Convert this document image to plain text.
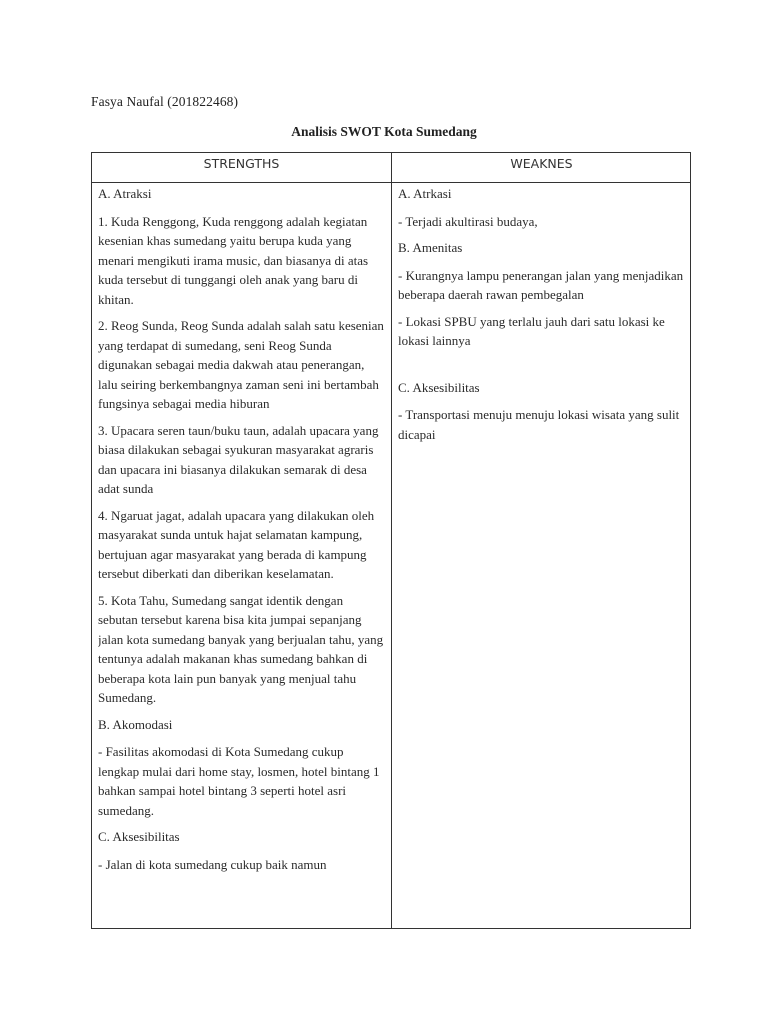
Fasya Naufal (201822468)
Analisis SWOT Kota Sumedang
STRENGTHS	WEAKNES

A. Atraksi

1. Kuda Renggong, Kuda renggong adalah kegiatan kesenian khas sumedang yaitu berupa kuda yang menari mengikuti irama music, dan biasanya di atas kuda tersebut di tunggangi oleh anak yang baru di khitan.

2. Reog Sunda, Reog Sunda adalah salah satu kesenian yang terdapat di sumedang, seni Reog Sunda digunakan sebagai media dakwah atau penerangan, lalu seiring berkembangnya zaman seni ini bertambah fungsinya sebagai media hiburan

3. Upacara seren taun/buku taun, adalah upacara yang biasa dilakukan sebagai syukuran masyarakat agraris dan upacara ini biasanya dilakukan semarak di desa adat sunda

4. Ngaruat jagat, adalah upacara yang dilakukan oleh masyarakat sunda untuk hajat selamatan kampung, bertujuan agar masyarakat yang berada di kampung tersebut diberkati dan diberikan keselamatan.

5. Kota Tahu, Sumedang sangat identik dengan sebutan tersebut karena bisa kita jumpai sepanjang jalan kota sumedang banyak yang berjualan tahu, yang tentunya adalah makanan khas sumedang bahkan di beberapa kota lain pun banyak yang menjual tahu Sumedang.

B. Akomodasi

- Fasilitas akomodasi di Kota Sumedang cukup lengkap mulai dari home stay, losmen, hotel bintang 1 bahkan sampai hotel bintang 3 seperti hotel asri sumedang.

C. Aksesibilitas

- Jalan di kota sumedang cukup baik namun

A. Atrkasi

- Terjadi akultirasi budaya,

B. Amenitas

- Kurangnya lampu penerangan jalan yang menjadikan beberapa daerah rawan pembegalan

- Lokasi SPBU yang terlalu jauh dari satu lokasi ke lokasi lainnya

C. Aksesibilitas

- Transportasi menuju menuju lokasi wisata yang sulit dicapai
